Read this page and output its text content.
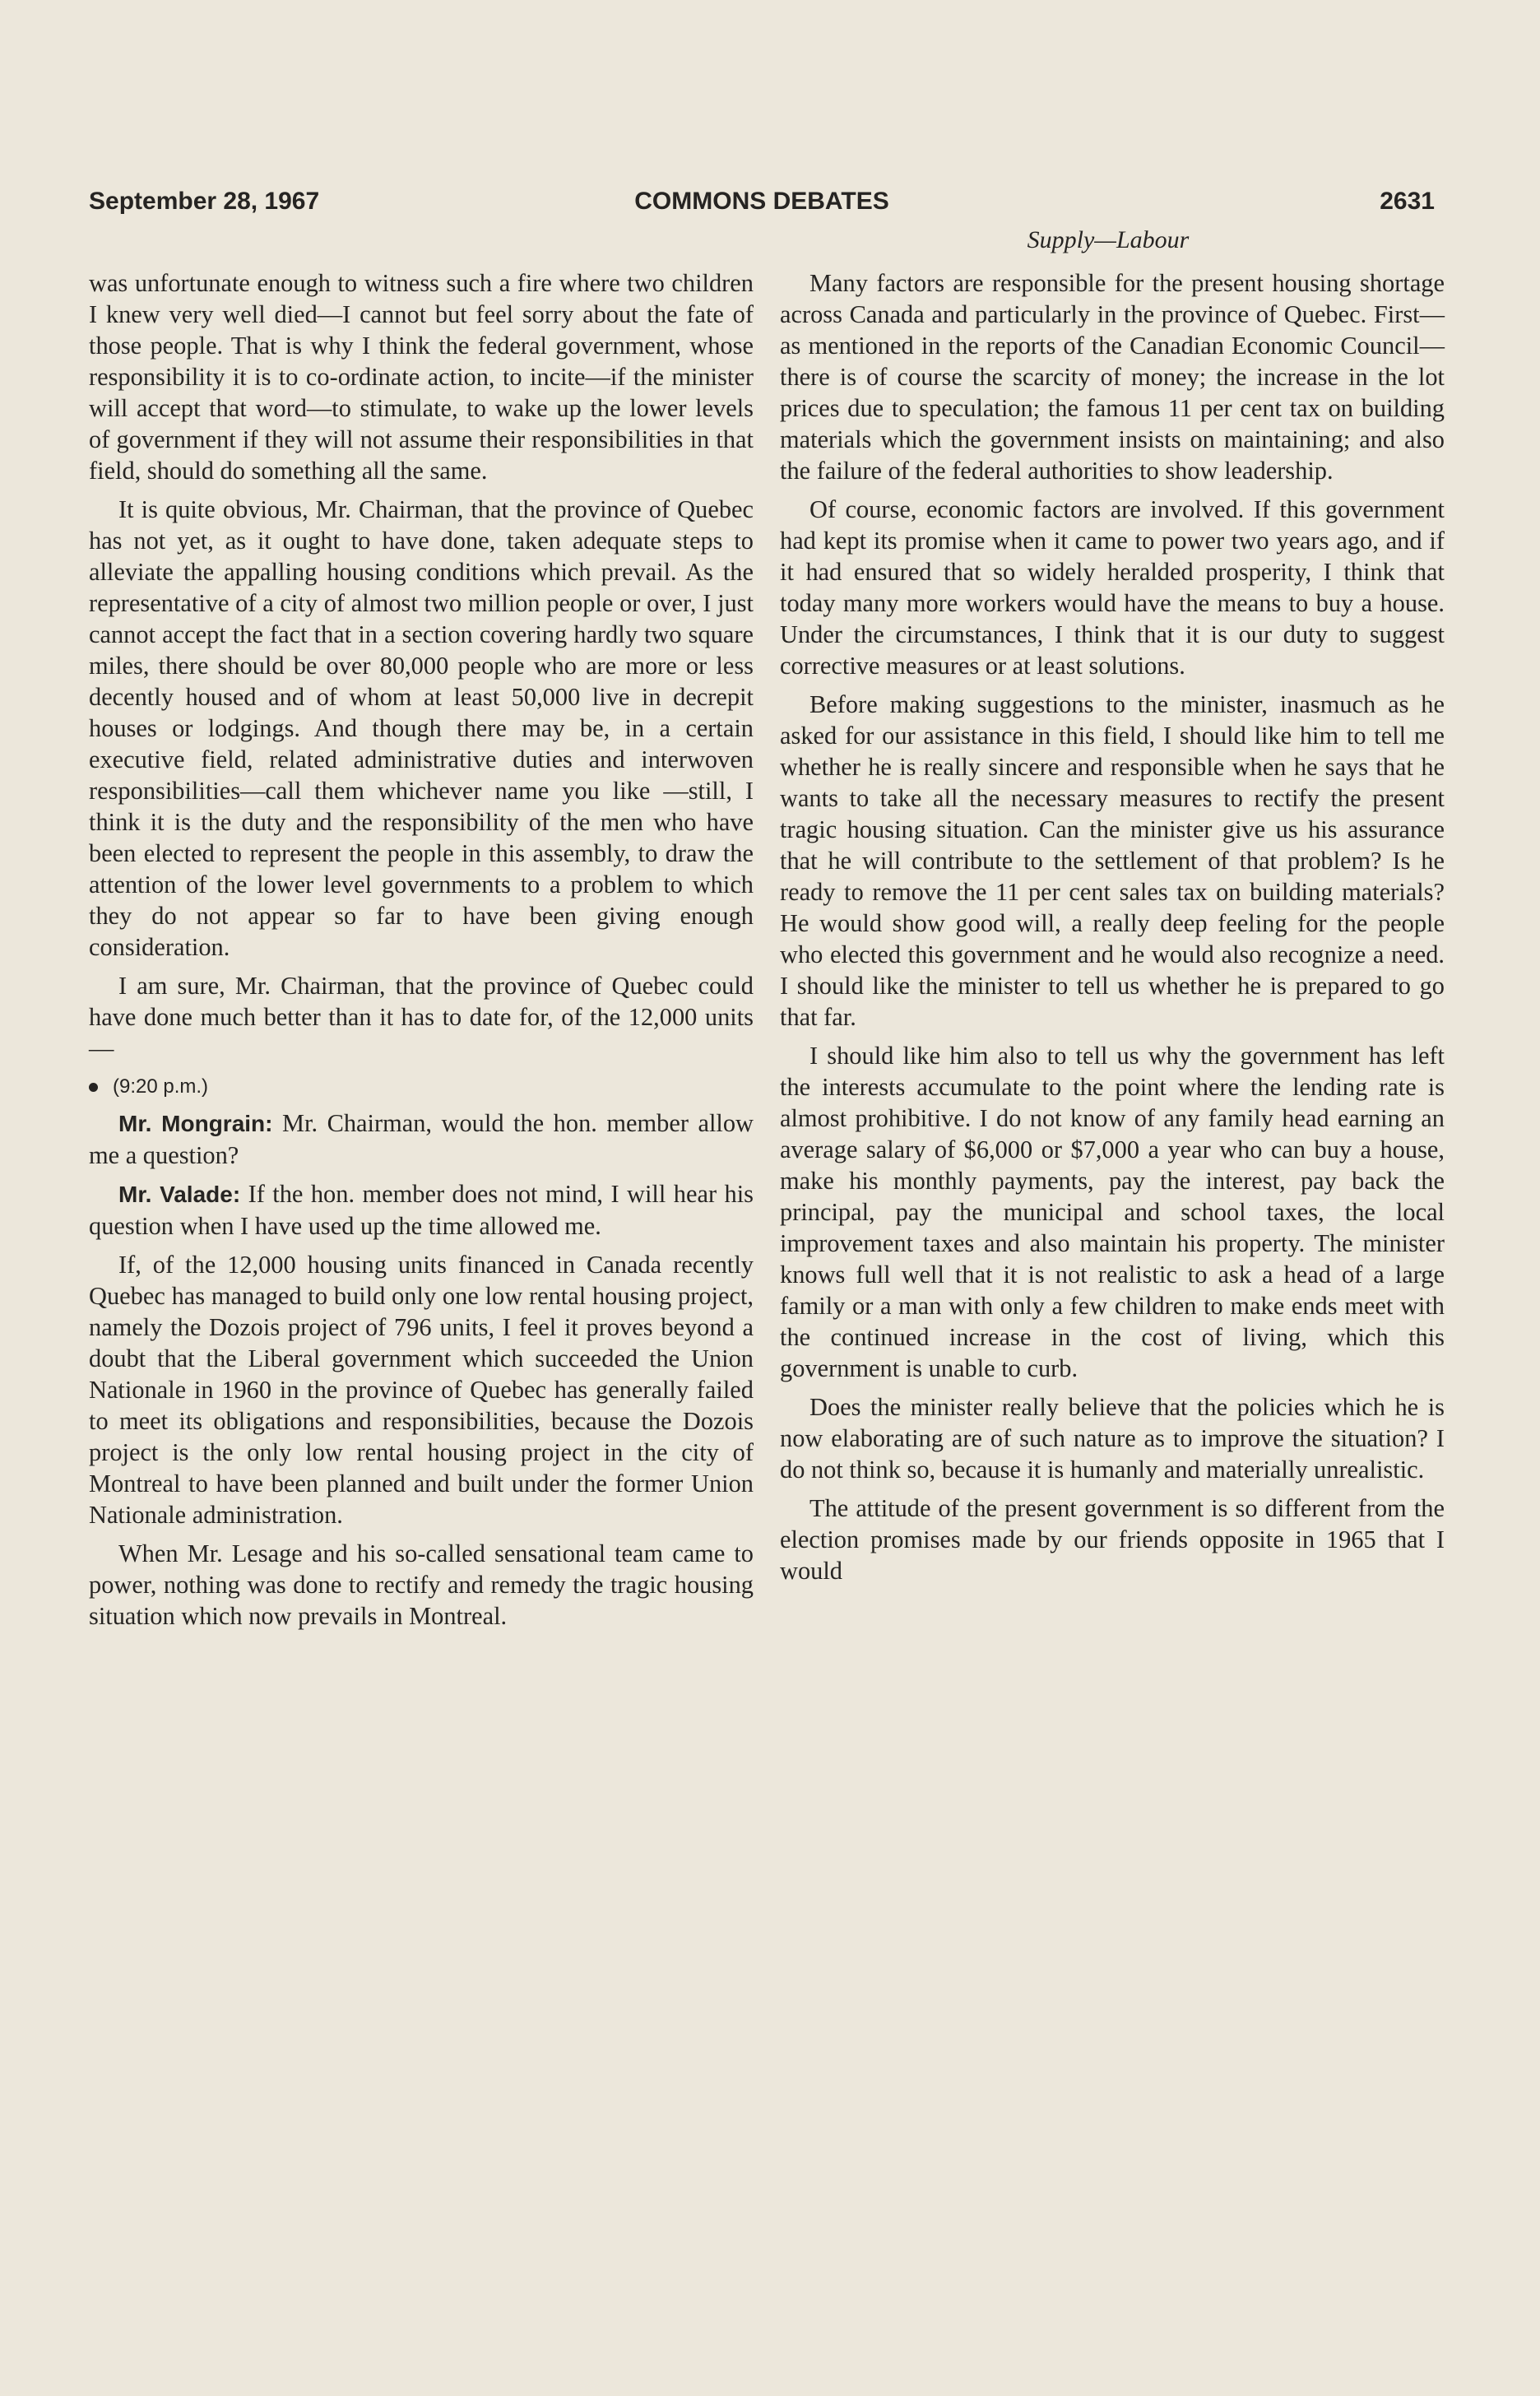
September 28, 1967	COMMONS DEBATES	2631
Supply—Labour

was unfortunate enough to witness such a fire where two children I knew very well died—I cannot but feel sorry about the fate of those people. That is why I think the federal government, whose responsibility it is to co-ordinate action, to incite—if the minister will accept that word—to stimulate, to wake up the lower levels of government if they will not assume their responsibilities in that field, should do something all the same.

It is quite obvious, Mr. Chairman, that the province of Quebec has not yet, as it ought to have done, taken adequate steps to alleviate the appalling housing conditions which prevail. As the representative of a city of almost two million people or over, I just cannot accept the fact that in a section covering hardly two square miles, there should be over 80,000 people who are more or less decently housed and of whom at least 50,000 live in decrepit houses or lodgings. And though there may be, in a certain executive field, related administrative duties and interwoven responsibilities—call them whichever name you like —still, I think it is the duty and the responsibility of the men who have been elected to represent the people in this assembly, to draw the attention of the lower level governments to a problem to which they do not appear so far to have been giving enough consideration.

I am sure, Mr. Chairman, that the province of Quebec could have done much better than it has to date for, of the 12,000 units—

(9:20 p.m.)

Mr. Mongrain: Mr. Chairman, would the hon. member allow me a question?

Mr. Valade: If the hon. member does not mind, I will hear his question when I have used up the time allowed me.

If, of the 12,000 housing units financed in Canada recently Quebec has managed to build only one low rental housing project, namely the Dozois project of 796 units, I feel it proves beyond a doubt that the Liberal government which succeeded the Union Nationale in 1960 in the province of Quebec has generally failed to meet its obligations and responsibilities, because the Dozois project is the only low rental housing project in the city of Montreal to have been planned and built under the former Union Nationale administration.

When Mr. Lesage and his so-called sensational team came to power, nothing was done to rectify and remedy the tragic housing situation which now prevails in Montreal.

Many factors are responsible for the present housing shortage across Canada and particularly in the province of Quebec. First—as mentioned in the reports of the Canadian Economic Council—there is of course the scarcity of money; the increase in the lot prices due to speculation; the famous 11 per cent tax on building materials which the government insists on maintaining; and also the failure of the federal authorities to show leadership.

Of course, economic factors are involved. If this government had kept its promise when it came to power two years ago, and if it had ensured that so widely heralded prosperity, I think that today many more workers would have the means to buy a house. Under the circumstances, I think that it is our duty to suggest corrective measures or at least solutions.

Before making suggestions to the minister, inasmuch as he asked for our assistance in this field, I should like him to tell me whether he is really sincere and responsible when he says that he wants to take all the necessary measures to rectify the present tragic housing situation. Can the minister give us his assurance that he will contribute to the settlement of that problem? Is he ready to remove the 11 per cent sales tax on building materials? He would show good will, a really deep feeling for the people who elected this government and he would also recognize a need. I should like the minister to tell us whether he is prepared to go that far.

I should like him also to tell us why the government has left the interests accumulate to the point where the lending rate is almost prohibitive. I do not know of any family head earning an average salary of $6,000 or $7,000 a year who can buy a house, make his monthly payments, pay the interest, pay back the principal, pay the municipal and school taxes, the local improvement taxes and also maintain his property. The minister knows full well that it is not realistic to ask a head of a large family or a man with only a few children to make ends meet with the continued increase in the cost of living, which this government is unable to curb.

Does the minister really believe that the policies which he is now elaborating are of such nature as to improve the situation? I do not think so, because it is humanly and materially unrealistic.

The attitude of the present government is so different from the election promises made by our friends opposite in 1965 that I would
